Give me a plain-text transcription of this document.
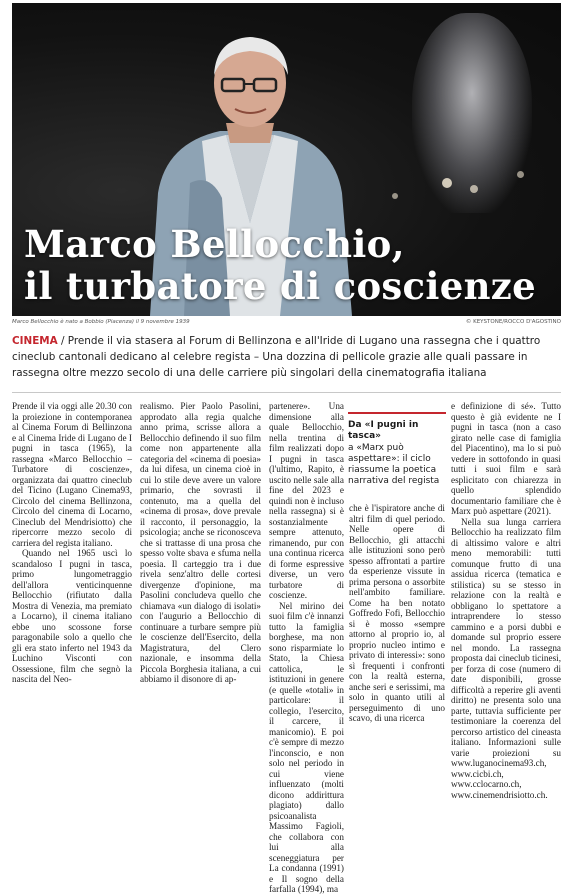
Marco Bellocchio,
il turbatore di coscienze
Marco Bellocchio è nato a Bobbio (Piacenza) il 9 novembre 1939	© KEYSTONE/ROCCO D'AGOSTINO
CINEMA / Prende il via stasera al Forum di Bellinzona e all'Iride di Lugano una rassegna che i quattro cineclub cantonali dedicano al celebre regista – Una dozzina di pellicole grazie alle quali passare in rassegna oltre mezzo secolo di una delle carriere più singolari della cinematografia italiana

Prende il via oggi alle 20.30 con la proiezione in contemporanea al Cinema Forum di Bellinzona e al Cinema Iride di Lugano de I pugni in tasca (1965), la rassegna «Marco Bellocchio – Turbatore di coscienze», organizzata dai quattro cineclub del Ticino (Lugano Cinema93, Circolo del cinema Bellinzona, Circolo del cinema di Locarno, Cineclub del Mendrisiotto) che ripercorre mezzo secolo di carriera del regista italiano.

Quando nel 1965 uscì lo scandaloso I pugni in tasca, primo lungometraggio dell'allora venticinquenne Bellocchio (rifiutato dalla Mostra di Venezia, ma premiato a Locarno), il cinema italiano ebbe uno scossone forse paragonabile solo a quello che gli era stato inferto nel 1943 da Luchino Visconti con Ossessione, film che segnò la nascita del Neo-

realismo. Pier Paolo Pasolini, approdato alla regia qualche anno prima, scrisse allora a Bellocchio definendo il suo film come non appartenente alla categoria del «cinema di poesia» da lui difesa, un cinema cioè in cui lo stile deve avere un valore primario, che sovrasti il contenuto, ma a quella del «cinema di prosa», dove prevale il racconto, il personaggio, la psicologia; anche se riconosceva che si trattasse di una prosa che spesso volte sbava e sfuma nella poesia. Il carteggio tra i due rivela senz'altro delle cortesi divergenze d'opinione, ma Pasolini concludeva quello che chiamava «un dialogo di isolati» con l'augurio a Bellocchio di continuare a turbare sempre più le coscienze dell'Esercito, della Magistratura, del Clero nazionale, e insomma della Piccola Borghesia italiana, a cui abbiamo il disonore di ap-

partenere». Una dimensione alla quale Bellocchio, nella trentina di film realizzati dopo I pugni in tasca (l'ultimo, Rapito, è uscito nelle sale alla fine del 2023 e quindi non è incluso nella rassegna) si è sostanzialmente sempre attenuto, rimanendo, pur con una continua ricerca di forme espressive diverse, un vero turbatore di coscienze.

Nel mirino dei suoi film c'è innanzi tutto la famiglia borghese, ma non sono risparmiate lo Stato, la Chiesa cattolica, le istituzioni in genere (e quelle «totali» in particolare: il collegio, l'esercito, il carcere, il manicomio). E poi c'è sempre di mezzo l'inconscio, e non solo nel periodo in cui viene influenzato (molti dicono addirittura plagiato) dallo psicoanalista Massimo Fagioli, che collabora con lui alla sceneggiatura per La condanna (1991) e Il sogno della farfalla (1994), ma

Da «I pugni in tasca»
a «Marx può aspettare»: il ciclo riassume la poetica narrativa del regista

che è l'ispiratore anche di altri film di quel periodo. Nelle opere di Bellocchio, gli attacchi alle istituzioni sono però spesso affrontati a partire da esperienze vissute in prima persona o assorbite nell'ambito familiare. Come ha ben notato Goffredo Fofi, Bellocchio si è mosso «sempre attorno al proprio io, al proprio nucleo intimo e privato di interessi»: sono sì frequenti i confronti con la realtà esterna, anche seri e serissimi, ma solo in quanto utili al perseguimento di uno scavo, di una ricerca

e definizione di sé». Tutto questo è già evidente ne I pugni in tasca (non a caso girato nelle case di famiglia del Piacentino), ma lo si può vedere in sottofondo in quasi tutti i suoi film e sarà esplicitato con chiarezza in quello splendido documentario familiare che è Marx può aspettare (2021).

Nella sua lunga carriera Bellocchio ha realizzato film di altissimo valore e altri meno memorabili: tutti comunque frutto di una assidua ricerca (tematica e stilistica) su se stesso in relazione con la realtà e obbligano lo spettatore a intraprendere lo stesso cammino e a porsi dubbi e domande sul proprio essere nel mondo. La rassegna proposta dai cineclub ticinesi, per forza di cose (numero di date disponibili, grosse difficoltà a reperire gli aventi diritto) ne presenta solo una parte, tuttavia sufficiente per testimoniare la coerenza del percorso artistico del cineasta italiano. Informazioni sulle varie proiezioni su www.luganocinema93.ch, www.cicbi.ch, www.cclocarno.ch, www.cinemendrisiotto.ch.
